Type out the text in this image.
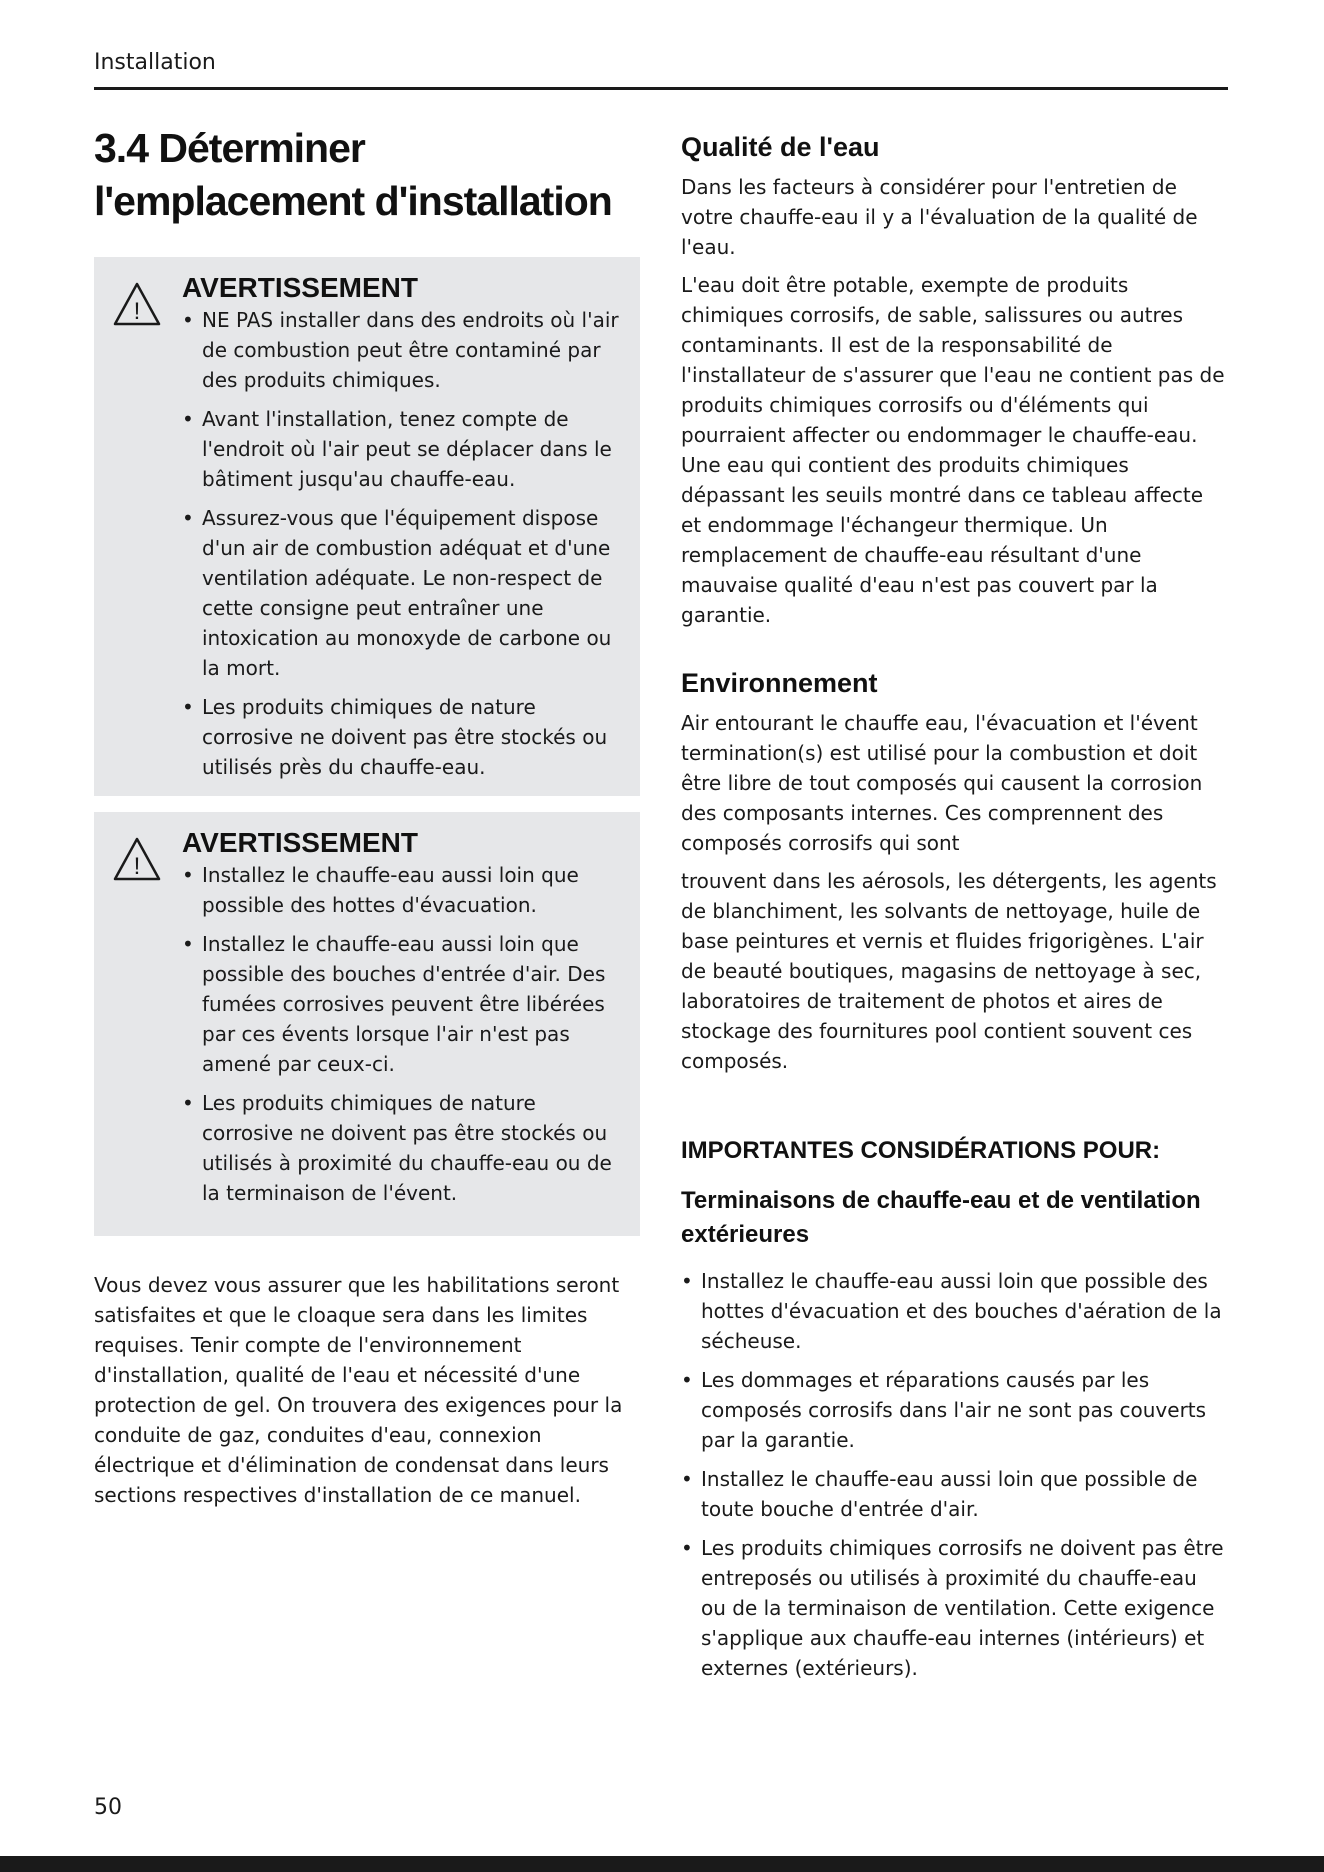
Installation
3.4 Déterminer l'emplacement d'installation
!
AVERTISSEMENT
• NE PAS installer dans des endroits où l'air de combustion peut être contaminé par des produits chimiques.
• Avant l'installation, tenez compte de l'endroit où l'air peut se déplacer dans le bâtiment jusqu'au chauffe-eau.
• Assurez-vous que l'équipement dispose d'un air de combustion adéquat et d'une ventilation adéquate. Le non-respect de cette consigne peut entraîner une intoxication au monoxyde de carbone ou la mort.
• Les produits chimiques de nature corrosive ne doivent pas être stockés ou utilisés près du chauffe-eau.
!
AVERTISSEMENT
• Installez le chauffe-eau aussi loin que possible des hottes d'évacuation.
• Installez le chauffe-eau aussi loin que possible des bouches d'entrée d'air. Des fumées corrosives peuvent être libérées par ces évents lorsque l'air n'est pas amené par ceux-ci.
• Les produits chimiques de nature corrosive ne doivent pas être stockés ou utilisés à proximité du chauffe-eau ou de la terminaison de l'évent.

Vous devez vous assurer que les habilitations seront satisfaites et que le cloaque sera dans les limites requises. Tenir compte de l'environnement d'installation, qualité de l'eau et nécessité d'une protection de gel. On trouvera des exigences pour la conduite de gaz, conduites d'eau, connexion électrique et d'élimination de condensat dans leurs sections respectives d'installation de ce manuel.

Qualité de l'eau

Dans les facteurs à considérer pour l'entretien de votre chauffe-eau il y a l'évaluation de la qualité de l'eau.

L'eau doit être potable, exempte de produits chimiques corrosifs, de sable, salissures ou autres contaminants. Il est de la responsabilité de l'installateur de s'assurer que l'eau ne contient pas de produits chimiques corrosifs ou d'éléments qui pourraient affecter ou endommager le chauffe-eau. Une eau qui contient des produits chimiques dépassant les seuils montré dans ce tableau affecte et endommage l'échangeur thermique. Un remplacement de chauffe-eau résultant d'une mauvaise qualité d'eau n'est pas couvert par la garantie.

Environnement

Air entourant le chauffe eau, l'évacuation et l'évent termination(s) est utilisé pour la combustion et doit être libre de tout composés qui causent la corrosion des composants internes. Ces comprennent des composés corrosifs qui sont

trouvent dans les aérosols, les détergents, les agents de blanchiment, les solvants de nettoyage, huile de base peintures et vernis et fluides frigorigènes. L'air de beauté boutiques, magasins de nettoyage à sec, laboratoires de traitement de photos et aires de stockage des fournitures pool contient souvent ces composés.

IMPORTANTES CONSIDÉRATIONS POUR:
Terminaisons de chauffe-eau et de ventilation extérieures
• Installez le chauffe-eau aussi loin que possible des hottes d'évacuation et des bouches d'aération de la sécheuse.
• Les dommages et réparations causés par les composés corrosifs dans l'air ne sont pas couverts par la garantie.
• Installez le chauffe-eau aussi loin que possible de toute bouche d'entrée d'air.
• Les produits chimiques corrosifs ne doivent pas être entreposés ou utilisés à proximité du chauffe-eau ou de la terminaison de ventilation. Cette exigence s'applique aux chauffe-eau internes (intérieurs) et externes (extérieurs).
50
